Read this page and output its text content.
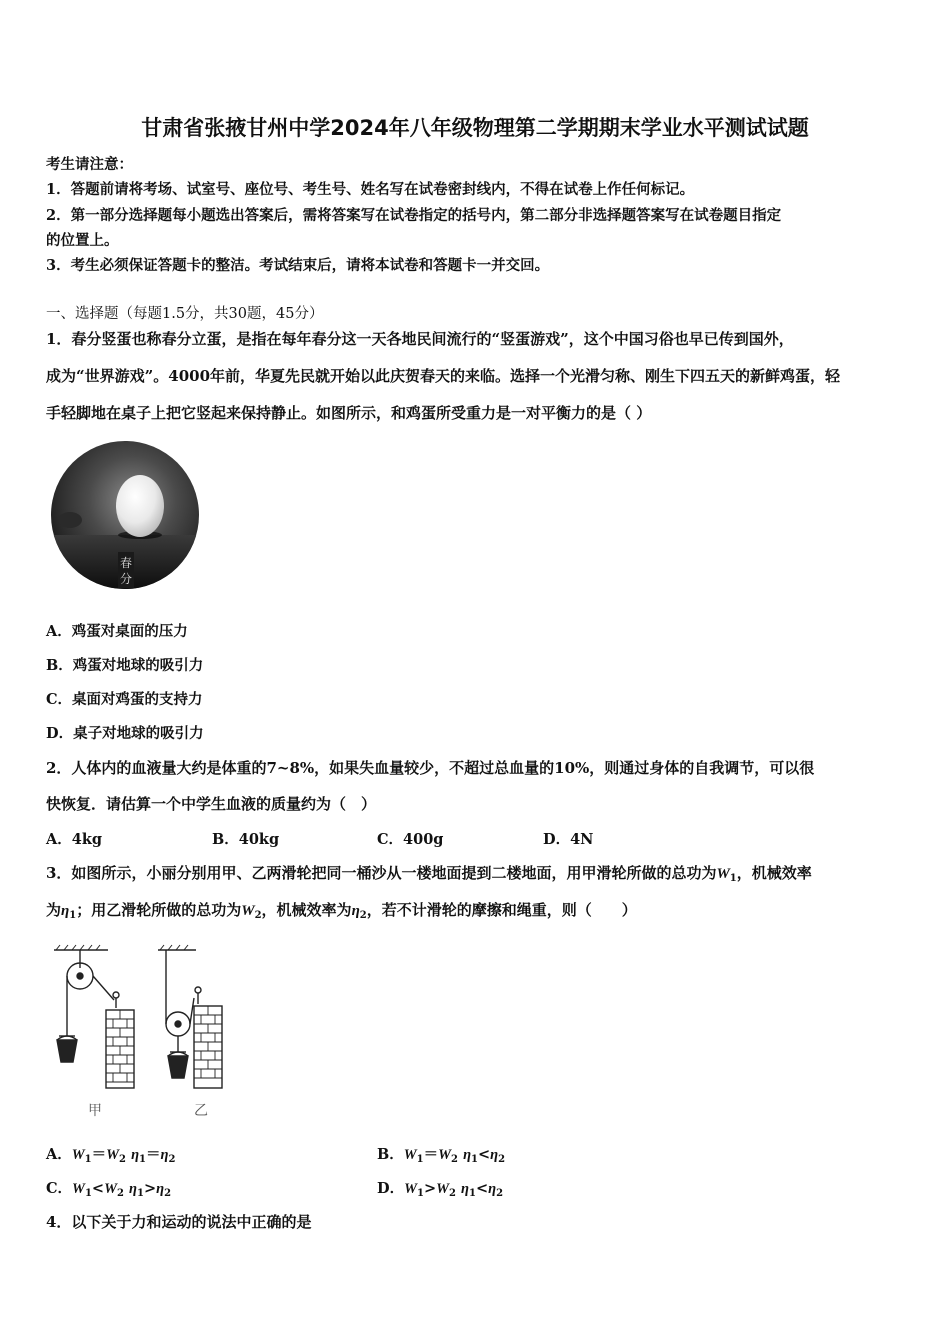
甘肃省张掖甘州中学2024年八年级物理第二学期期末学业水平测试试题
考生请注意：
1．答题前请将考场、试室号、座位号、考生号、姓名写在试卷密封线内，不得在试卷上作任何标记。
2．第一部分选择题每小题选出答案后，需将答案写在试卷指定的括号内，第二部分非选择题答案写在试卷题目指定
的位置上。
3．考生必须保证答题卡的整洁。考试结束后，请将本试卷和答题卡一并交回。
一、选择题（每题1.5分，共30题，45分）
1．春分竖蛋也称春分立蛋，是指在每年春分这一天各地民间流行的“竖蛋游戏”，这个中国习俗也早已传到国外，
成为“世界游戏”。4000年前，华夏先民就开始以此庆贺春天的来临。选择一个光滑匀称、刚生下四五天的新鲜鸡蛋，轻
手轻脚地在桌子上把它竖起来保持静止。如图所示，和鸡蛋所受重力是一对平衡力的是（ ）
春
分
A．鸡蛋对桌面的压力
B．鸡蛋对地球的吸引力
C．桌面对鸡蛋的支持力
D．桌子对地球的吸引力
2．人体内的血液量大约是体重的7~8%，如果失血量较少，不超过总血量的10%，则通过身体的自我调节，可以很
快恢复．请估算一个中学生血液的质量约为（　）
A．4kg	B．40kg	C．400g	D．4N
3．如图所示，小丽分别用甲、乙两滑轮把同一桶沙从一楼地面提到二楼地面，用甲滑轮所做的总功为$W_1$，机械效率
为$\eta_1$；用乙滑轮所做的总功为$W_2$，机械效率为$\eta_2$，若不计滑轮的摩擦和绳重，则（　　）
甲	乙
A．$W_1=W_2$ $\eta_1=\eta_2$	B．$W_1=W_2$ $\eta_1<\eta_2$
C．$W_1<W_2$ $\eta_1>\eta_2$	D．$W_1>W_2$ $\eta_1<\eta_2$
4．以下关于力和运动的说法中正确的是
